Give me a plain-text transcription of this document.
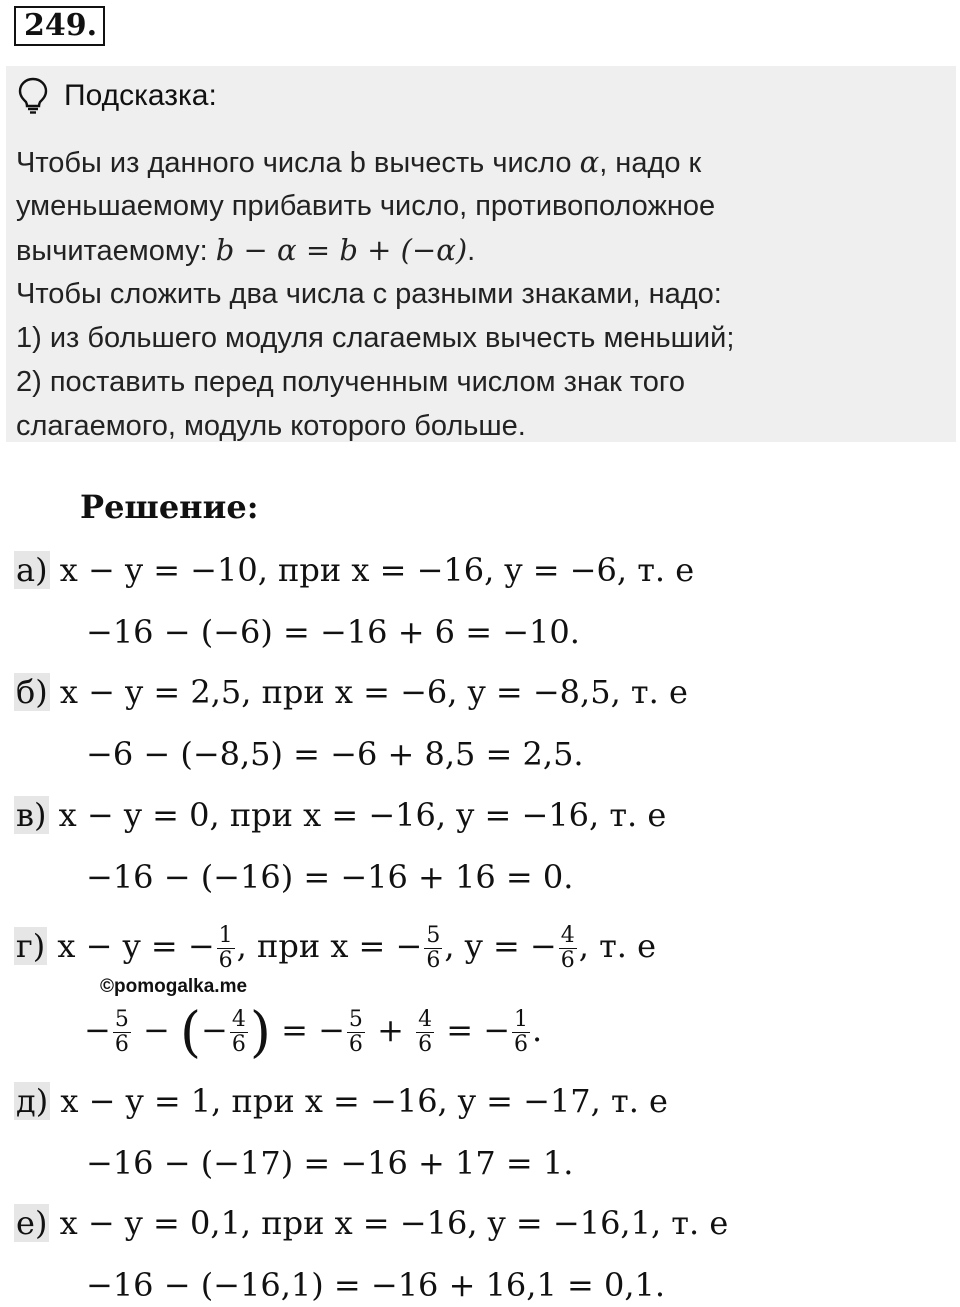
249.
Подсказка:
Чтобы из данного числа b вычесть число α, надо к
уменьшаемому прибавить число, противоположное
вычитаемому: b − α = b + (−α).
Чтобы сложить два числа с разными знаками, надо:
1) из большего модуля слагаемых вычесть меньший;
2) поставить перед полученным числом знак того
слагаемого, модуль которого больше.
Решение:
а) x − y = −10, при x = −16, y = −6, т. е
−16 − (−6) = −16 + 6 = −10.
б) x − y = 2,5, при x = −6, y = −8,5, т. е
−6 − (−8,5) = −6 + 8,5 = 2,5.
в) x − y = 0, при x = −16, y = −16, т. е
−16 − (−16) = −16 + 16 = 0.
г) x − y = − $\frac{1}{6}$ , при x = − $\frac{5}{6}$ , y = − $\frac{4}{6}$ , т. е
©pomogalka.me
− $\frac{5}{6}$ − (− $\frac{4}{6}$ ) = − $\frac{5}{6} + \frac{4}{6}$ = − $\frac{1}{6}$ .
д) x − y = 1, при x = −16, y = −17, т. е
−16 − (−17) = −16 + 17 = 1.
е) x − y = 0,1, при x = −16, y = −16,1, т. е
−16 − (−16,1) = −16 + 16,1 = 0,1.
